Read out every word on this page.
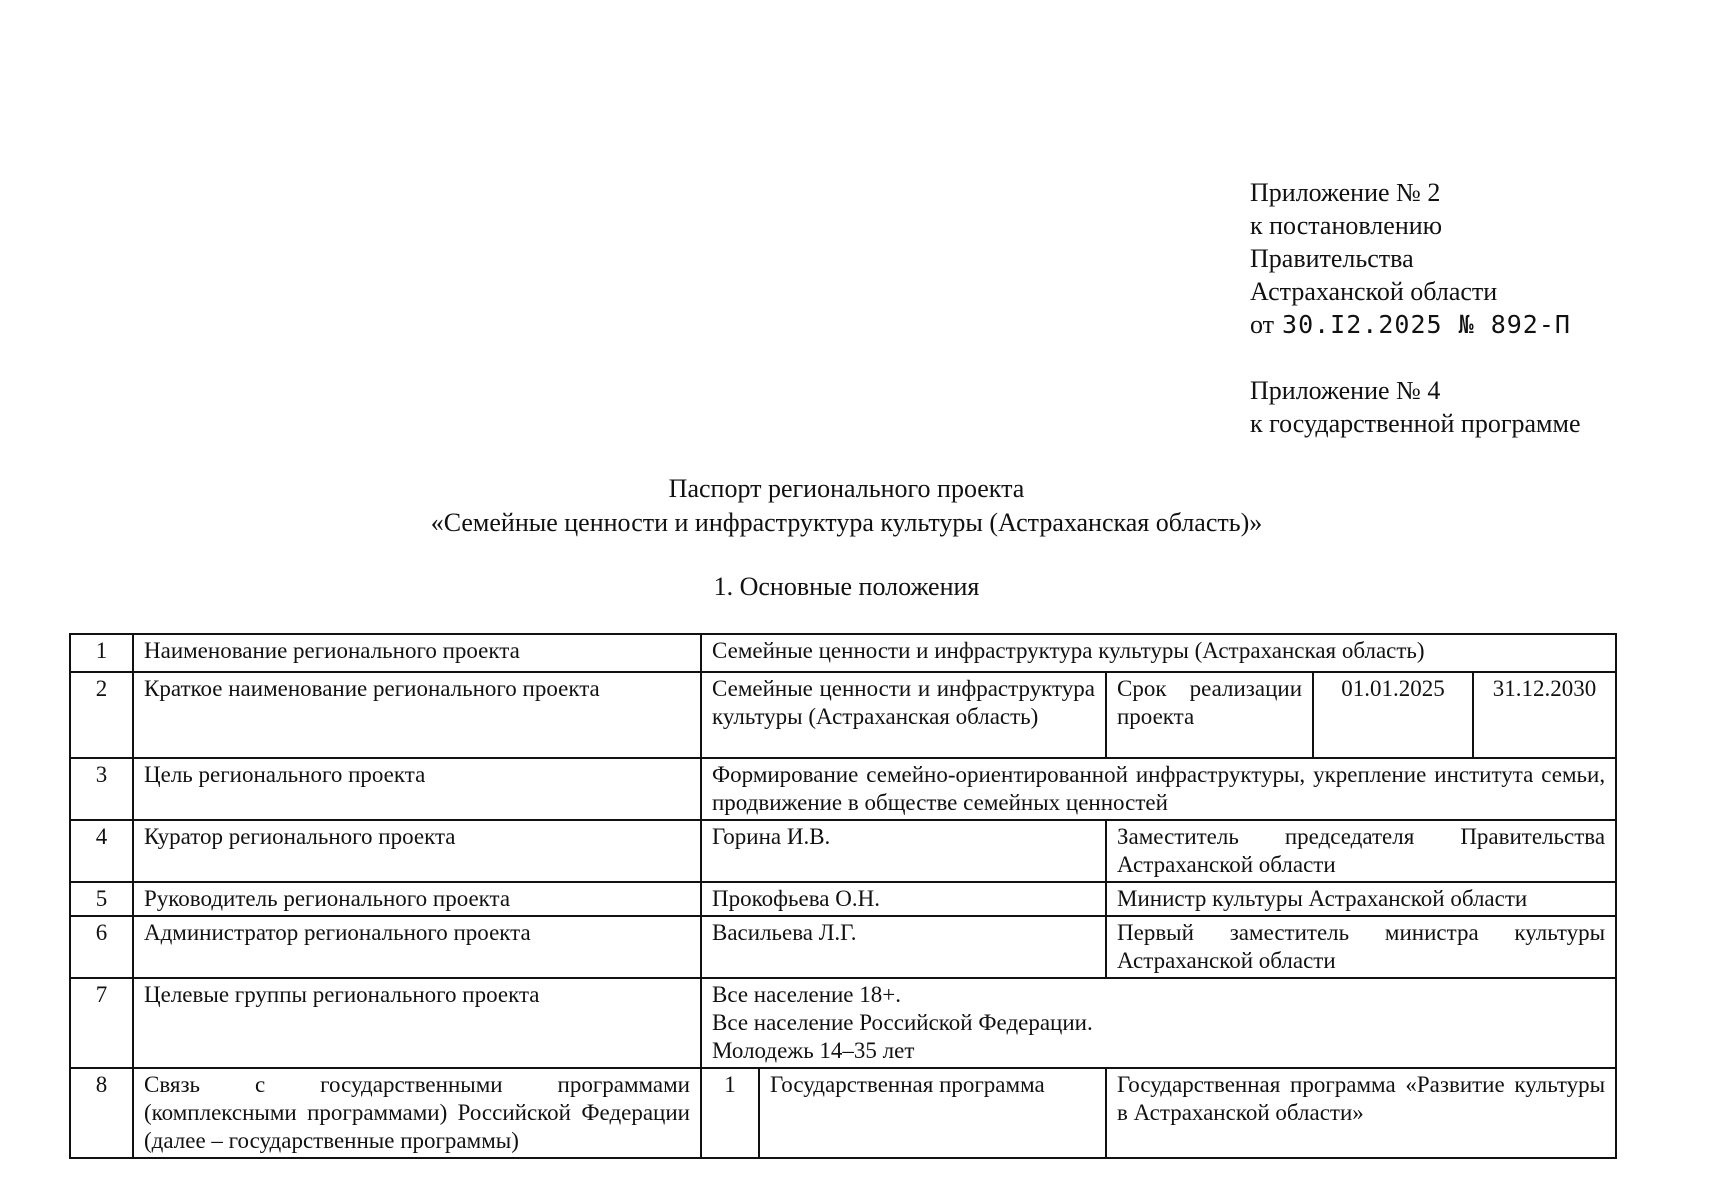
Приложение № 2
к постановлению
Правительства
Астраханской области
от 30.I2.2025 № 892-П
Приложение № 4
к государственной программе
Паспорт регионального проекта
«Семейные ценности и инфраструктура культуры (Астраханская область)»
1. Основные положения
1	Наименование регионального проекта	Семейные ценности и инфраструктура культуры (Астраханская область)				
2	Краткое наименование регионального проекта	Семейные ценности и инфраструктура культуры (Астраханская область)		Срок реализации проекта	01.01.2025	31.12.2030
3	Цель регионального проекта	Формирование семейно-ориентированной инфраструктуры, укрепление института семьи, продвижение в обществе семейных ценностей				
4	Куратор регионального проекта	Горина И.В.		Заместитель председателя Правительства Астраханской области		
5	Руководитель регионального проекта	Прокофьева О.Н.		Министр культуры Астраханской области		
6	Администратор регионального проекта	Васильева Л.Г.		Первый заместитель министра культуры Астраханской области		
7	Целевые группы регионального проекта	Все население 18+.
Все население Российской Федерации.
Молодежь 14–35 лет				

8	Связь с государственными программами (комплексными программами) Российской Федерации (далее – государственные программы)	1	Государственная программа	Государственная программа «Развитие культуры в Астраханской области»		
